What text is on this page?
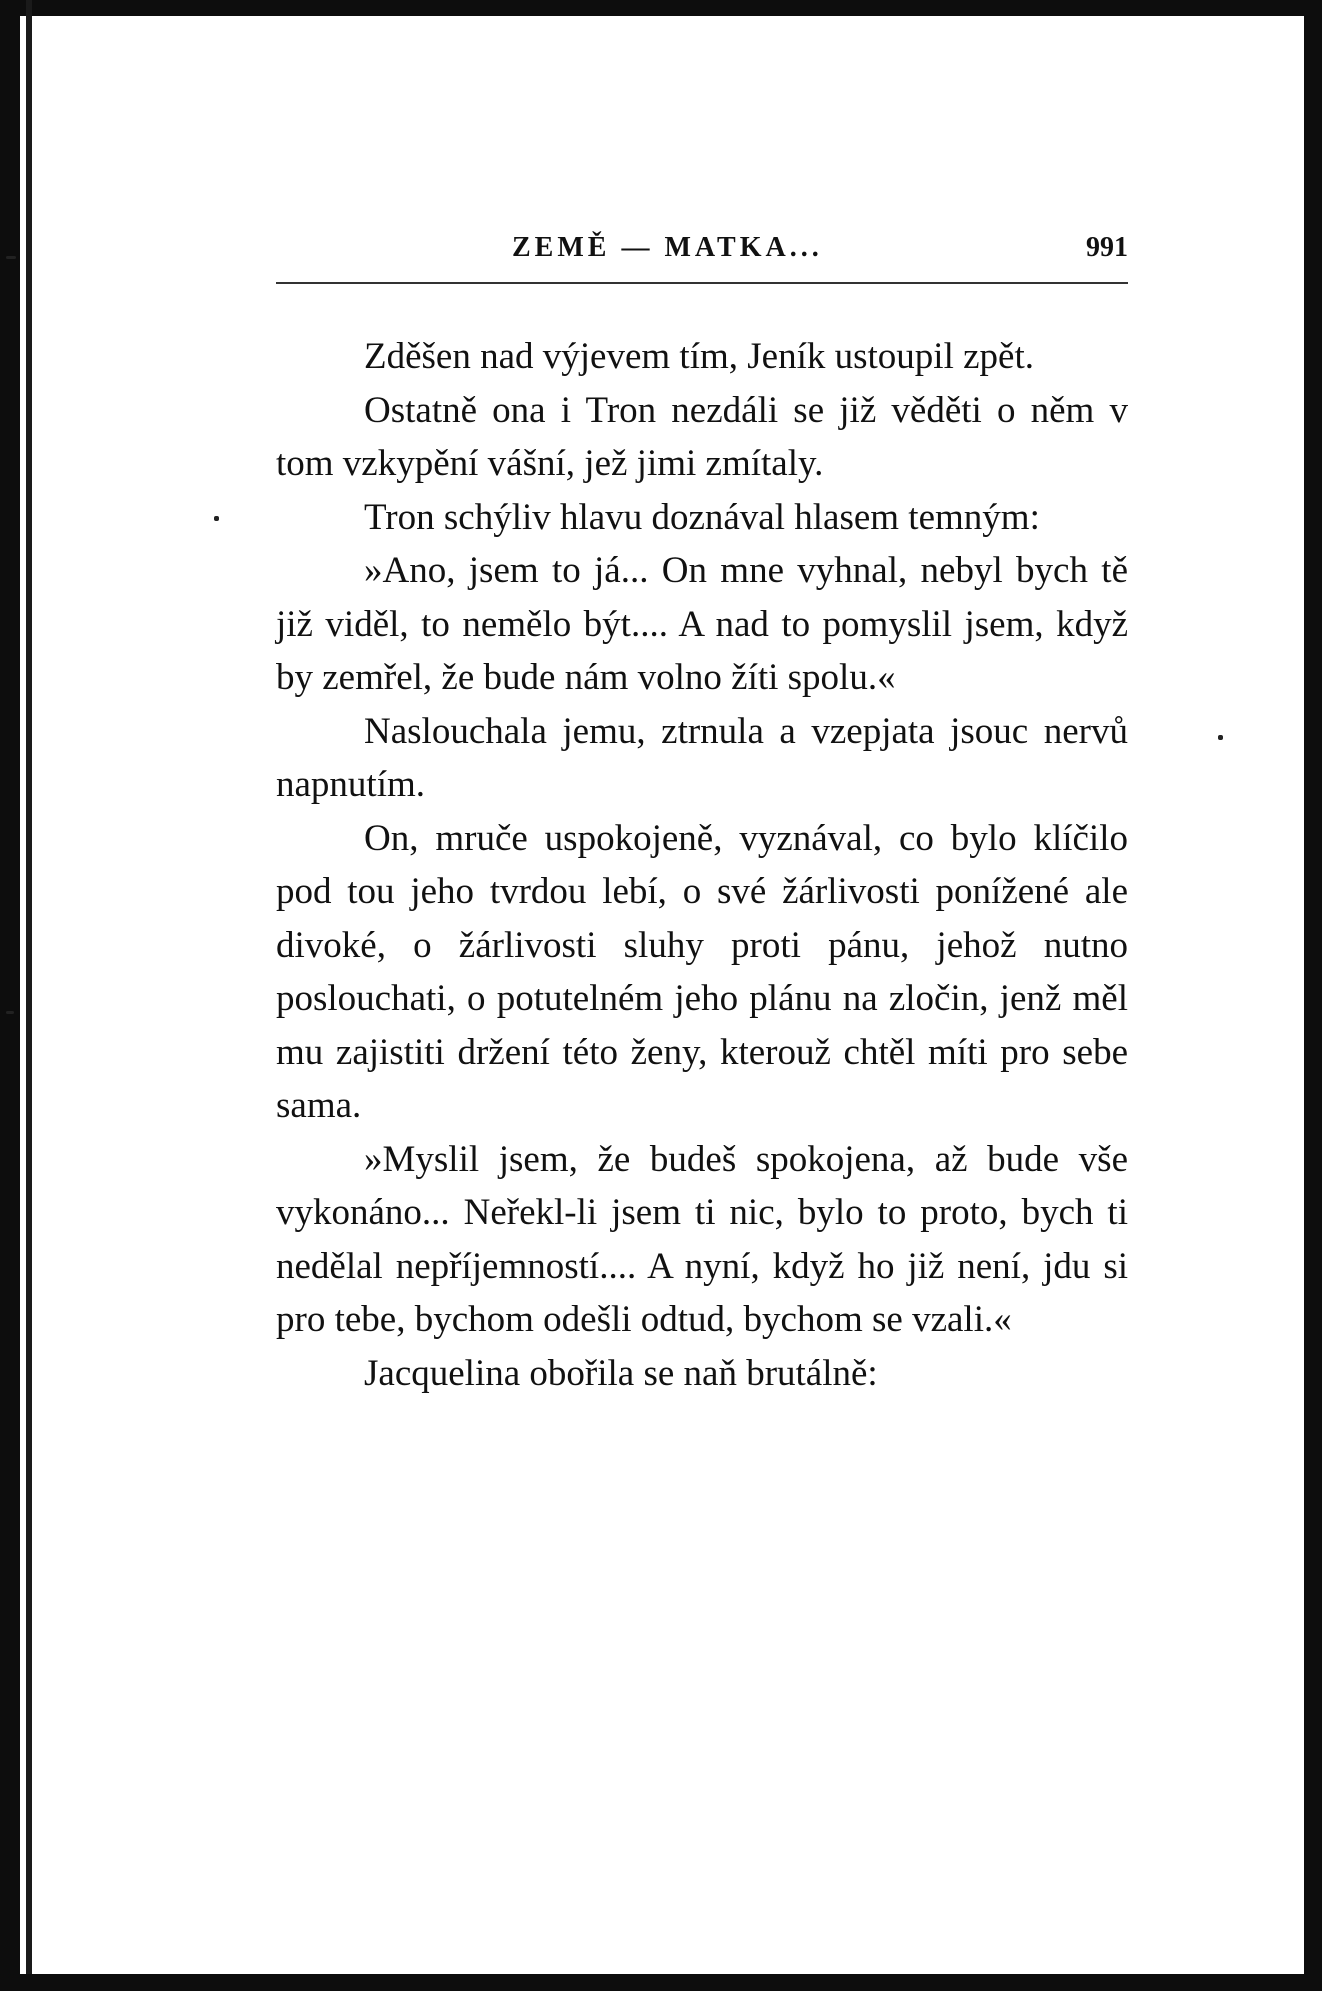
ZEMĚ — MATKA...	991

Zděšen nad výjevem tím, Jeník ustoupil zpět.

Ostatně ona i Tron nezdáli se již věděti o něm v tom vzkypění vášní, jež jimi zmítaly.

Tron schýliv hlavu doznával hlasem temným:

»Ano, jsem to já... On mne vyhnal, nebyl bych tě již viděl, to nemělo být.... A nad to pomyslil jsem, když by zemřel, že bude nám volno žíti spolu.«

Naslouchala jemu, ztrnula a vzepjata jsouc nervů napnutím.

On, mruče uspokojeně, vyznával, co bylo klíčilo pod tou jeho tvrdou lebí, o své žárlivosti ponížené ale divoké, o žárlivosti sluhy proti pánu, jehož nutno poslouchati, o potutelném jeho plánu na zločin, jenž měl mu zajistiti držení této ženy, kterouž chtěl míti pro sebe sama.

»Myslil jsem, že budeš spokojena, až bude vše vykonáno... Neřekl-li jsem ti nic, bylo to proto, bych ti nedělal nepříjemností.... A nyní, když ho již není, jdu si pro tebe, bychom odešli odtud, bychom se vzali.«

Jacquelina obořila se naň brutálně:
